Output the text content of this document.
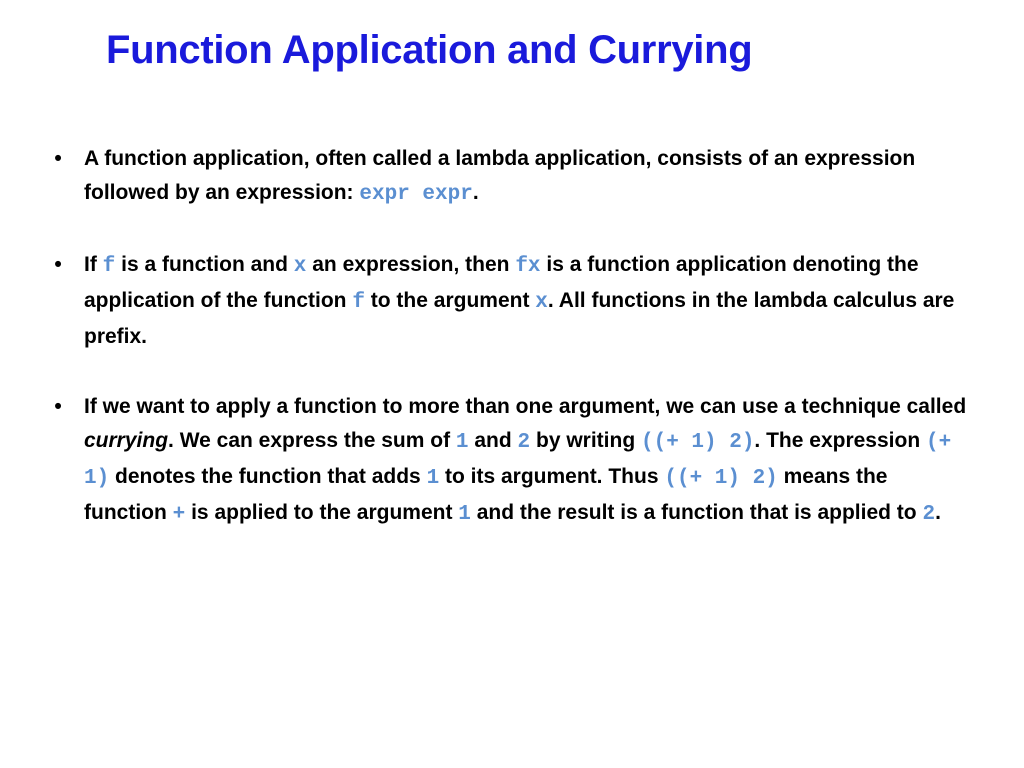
Function Application and Currying
•	A function application, often called a lambda application, consists of an expression followed by an expression: expr expr.
•	If f is a function and x an expression, then fx is a function application denoting the application of the function f to the argument x. All functions in the lambda calculus are prefix.
•	If we want to apply a function to more than one argument, we can use a technique called currying. We can express the sum of 1 and 2 by writing ((+ 1) 2). The expression (+ 1) denotes the function that adds 1 to its argument. Thus ((+ 1) 2) means the function + is applied to the argument 1 and the result is a function that is applied to 2.
